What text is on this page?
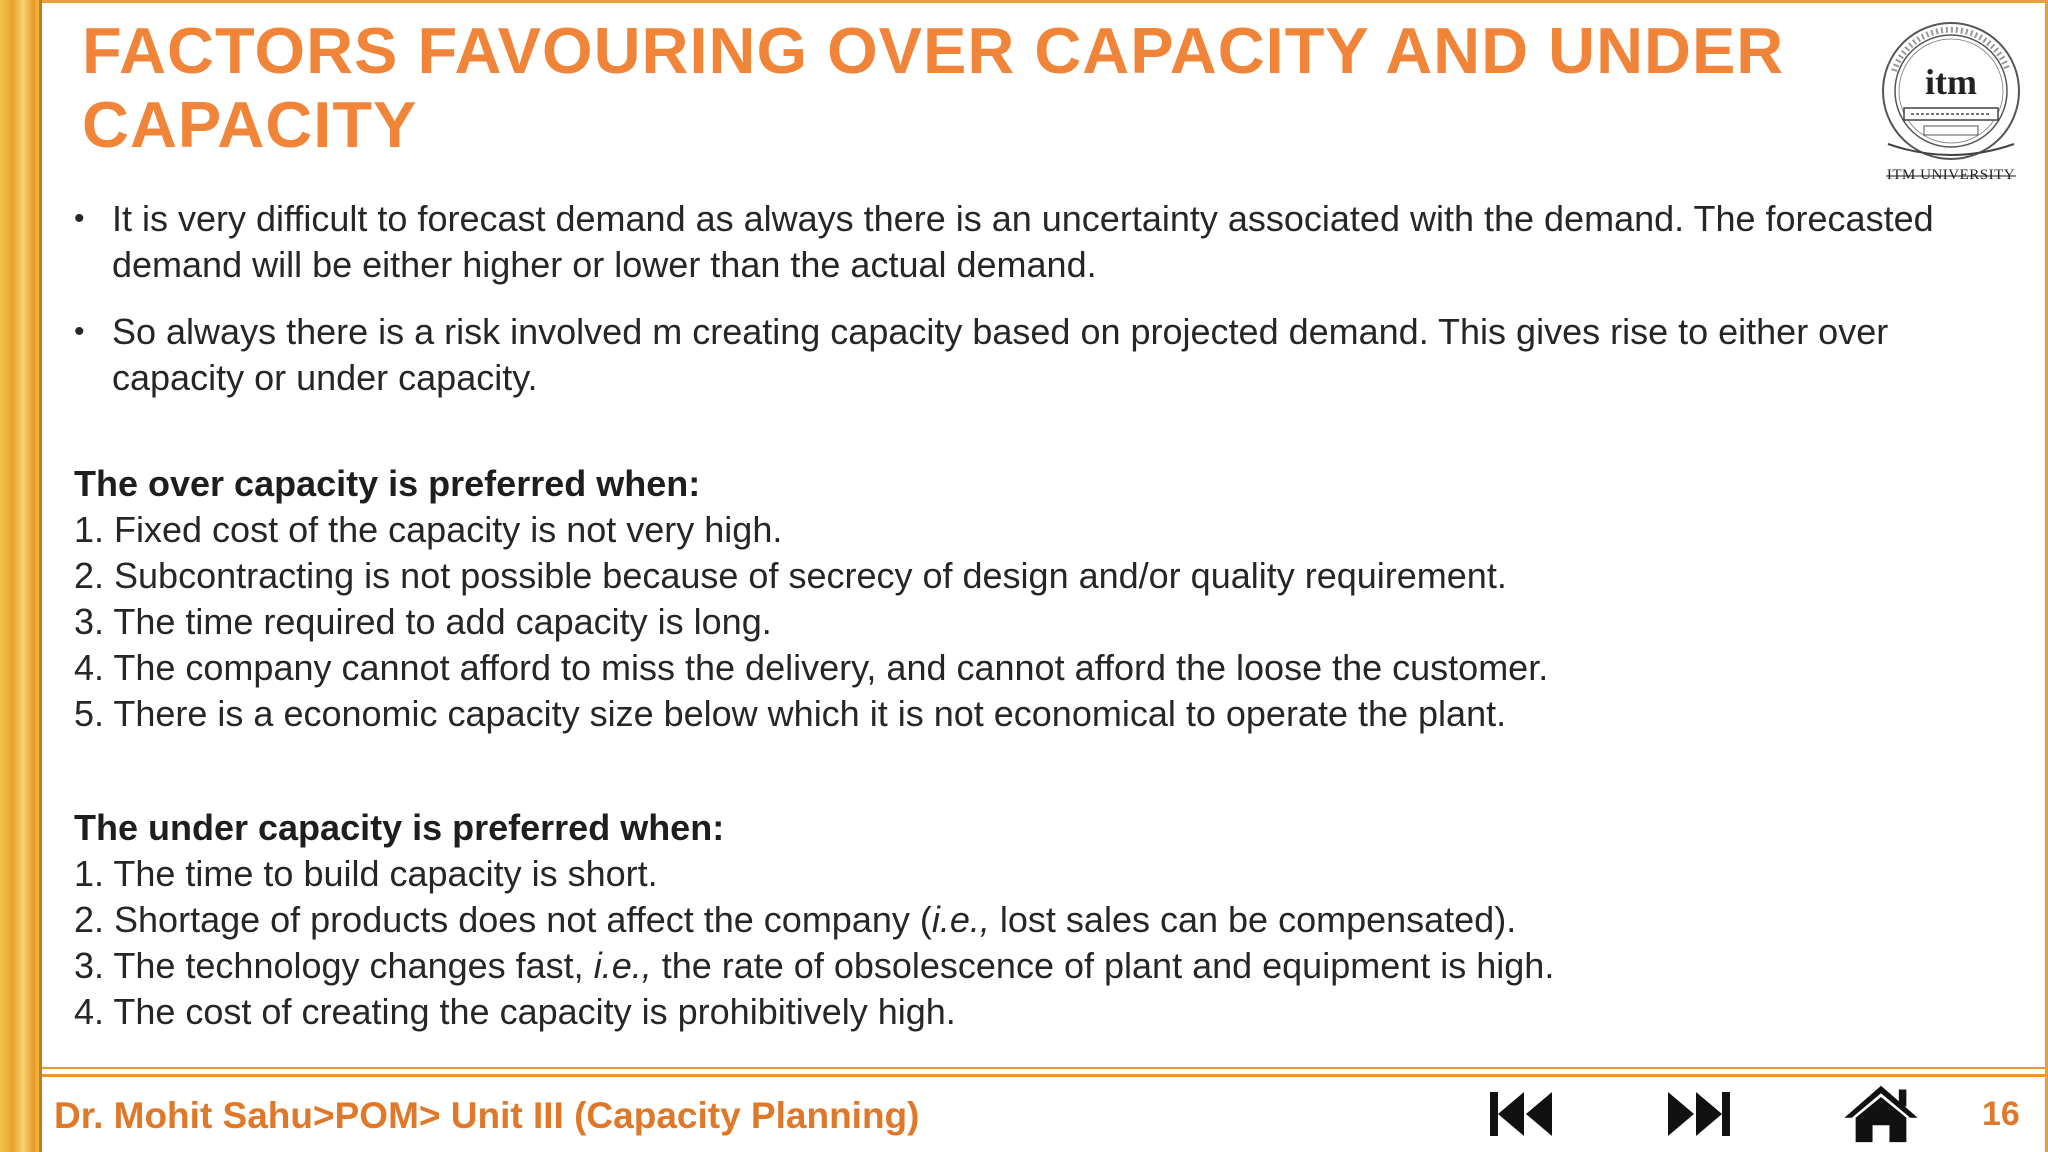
FACTORS FAVOURING OVER CAPACITY AND UNDER CAPACITY
itm
ITM UNIVERSITY
• It is very difficult to forecast demand as always there is an uncertainty associated with the demand. The forecasted demand will be either higher or lower than the actual demand.
• So always there is a risk involved m creating capacity based on projected demand. This gives rise to either over capacity or under capacity.
The over capacity is preferred when:
1. Fixed cost of the capacity is not very high.
2. Subcontracting is not possible because of secrecy of design and/or quality requirement.
3. The time required to add capacity is long.
4. The company cannot afford to miss the delivery, and cannot afford the loose the customer.
5. There is a economic capacity size below which it is not economical to operate the plant.
The under capacity is preferred when:
1. The time to build capacity is short.
2. Shortage of products does not affect the company (i.e., lost sales can be compensated).
3. The technology changes fast, i.e., the rate of obsolescence of plant and equipment is high.
4. The cost of creating the capacity is prohibitively high.
Dr. Mohit Sahu>POM> Unit III (Capacity Planning)	16
